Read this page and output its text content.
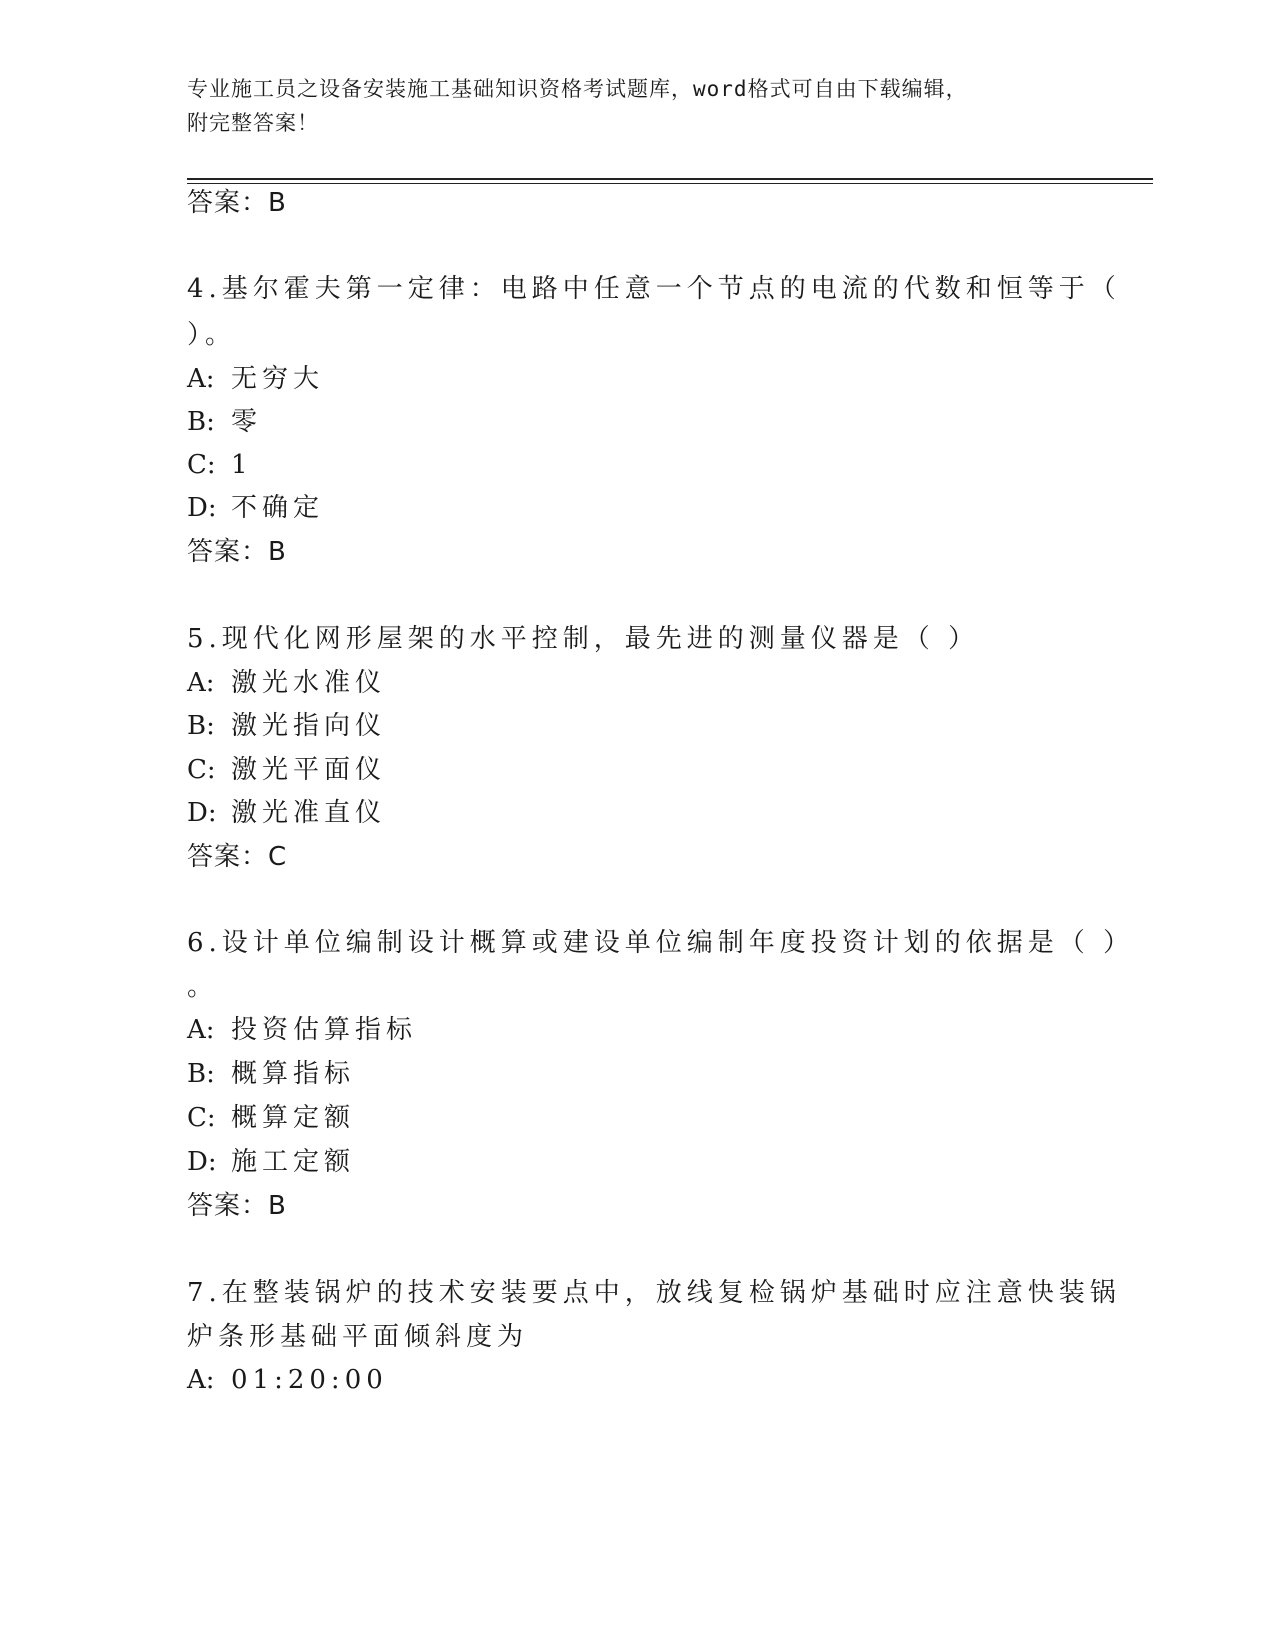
专业施工员之设备安装施工基础知识资格考试题库，word格式可自由下载编辑，
附完整答案！
答案：B
4.基尔霍夫第一定律：电路中任意一个节点的电流的代数和恒等于（
）。
A: 无穷大
B: 零
C: 1
D: 不确定
答案：B
5.现代化网形屋架的水平控制，最先进的测量仪器是（ ）
A: 激光水准仪
B: 激光指向仪
C: 激光平面仪
D: 激光准直仪
答案：C
6.设计单位编制设计概算或建设单位编制年度投资计划的依据是（ ）
。
A: 投资估算指标
B: 概算指标
C: 概算定额
D: 施工定额
答案：B
7.在整装锅炉的技术安装要点中，放线复检锅炉基础时应注意快装锅
炉条形基础平面倾斜度为
A: 01:20:00
